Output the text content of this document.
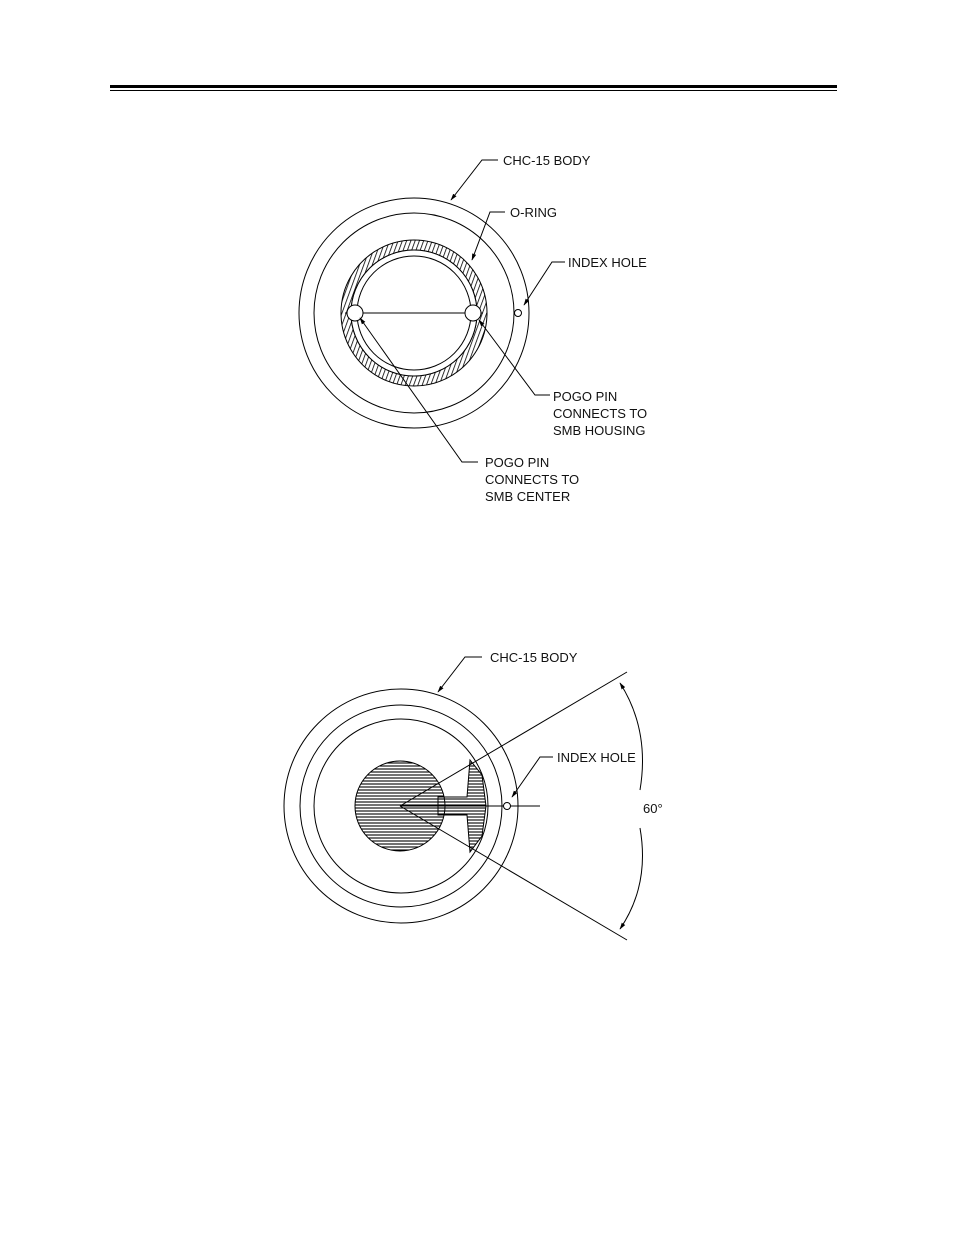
CHC-15 BODY
O-RING
INDEX HOLE
POGO PIN
CONNECTS TO
SMB HOUSING
POGO PIN
CONNECTS TO
SMB CENTER
CHC-15 BODY
INDEX HOLE
60°
